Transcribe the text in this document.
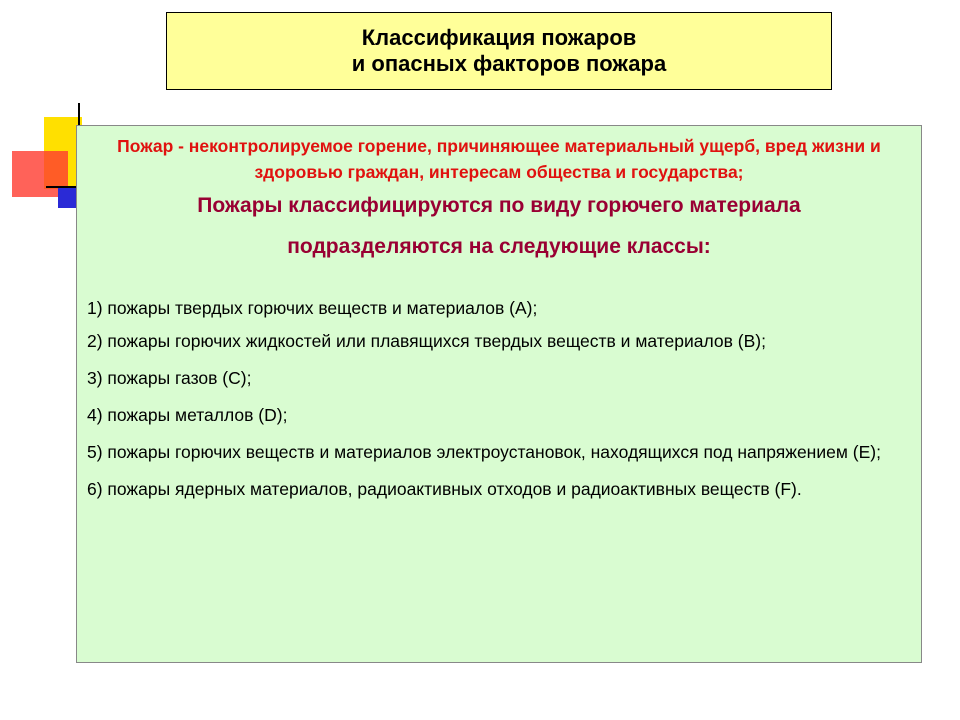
Классификация пожаров
и опасных факторов пожара

Пожар - неконтролируемое горение, причиняющее материальный ущерб, вред жизни и здоровью граждан, интересам общества и государства;

Пожары классифицируются по виду горючего материала

подразделяются на следующие классы:

1) пожары твердых горючих веществ и материалов (A);
2) пожары горючих жидкостей или плавящихся твердых веществ и материалов (B);
3) пожары газов (C);
4) пожары металлов (D);
5) пожары горючих веществ и материалов электроустановок, находящихся под напряжением (E);
6) пожары ядерных материалов, радиоактивных отходов и радиоактивных веществ (F).
